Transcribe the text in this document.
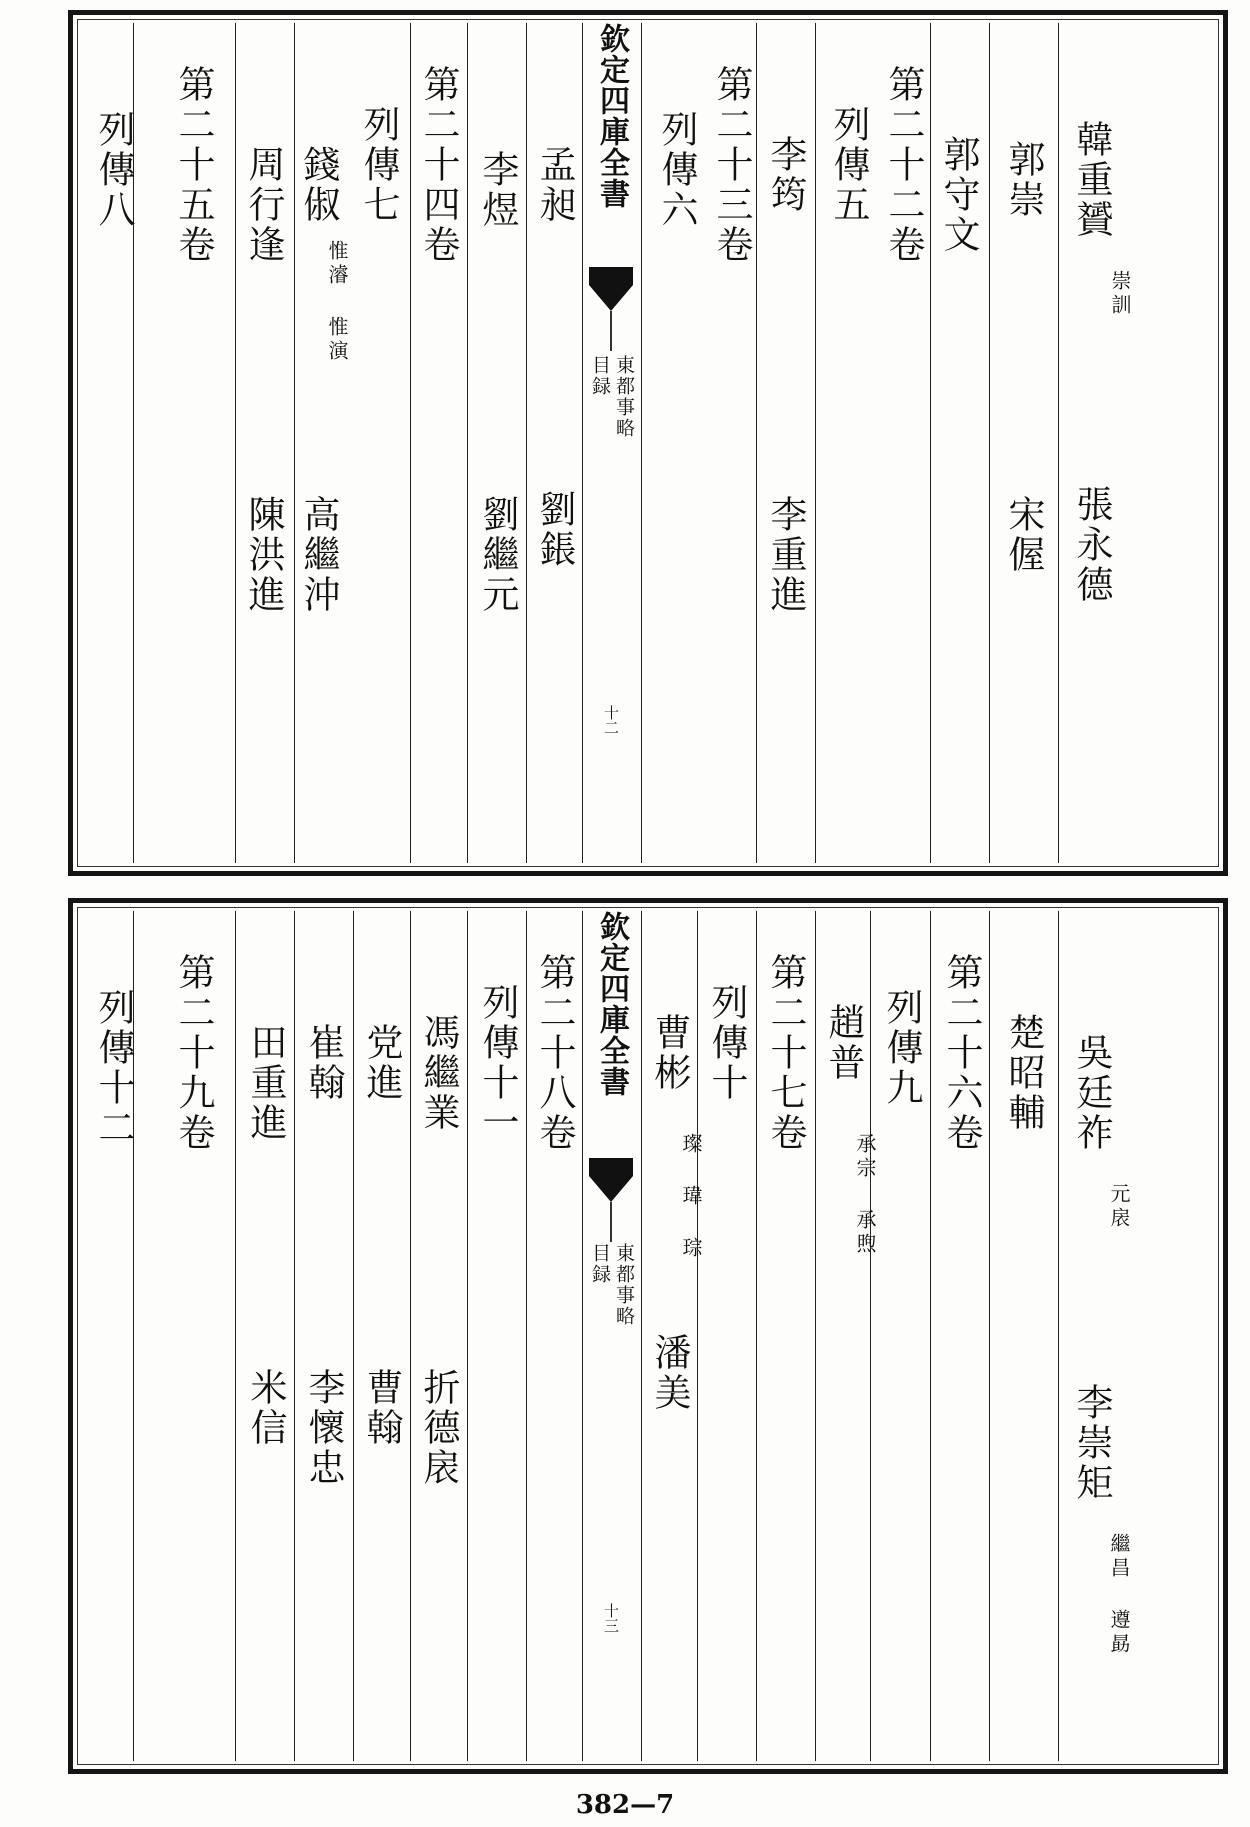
韓重贇
崇訓
張永德
郭崇
宋偓
郭守文
第二十二卷
列傳五
李筠
李重進
第二十三卷
列傳六
欽定四庫全書
東都事略
目録
十二
孟昶
劉鋹
李煜
劉繼元
第二十四卷
列傳七
錢俶
惟濬 惟演
高繼沖
周行逢
陳洪進
第二十五卷
列傳八
吳廷祚
元扆
李崇矩
繼昌 遵勗
楚昭輔
第二十六卷
列傳九
趙普
承宗 承煦
第二十七卷
列傳十
曹彬
璨 瑋 琮
潘美
欽定四庫全書
東都事略
目録
十三
第二十八卷
列傳十一
馮繼業
折德扆
党進
曹翰
崔翰
李懷忠
田重進
米信
第二十九卷
列傳十二
382—7
